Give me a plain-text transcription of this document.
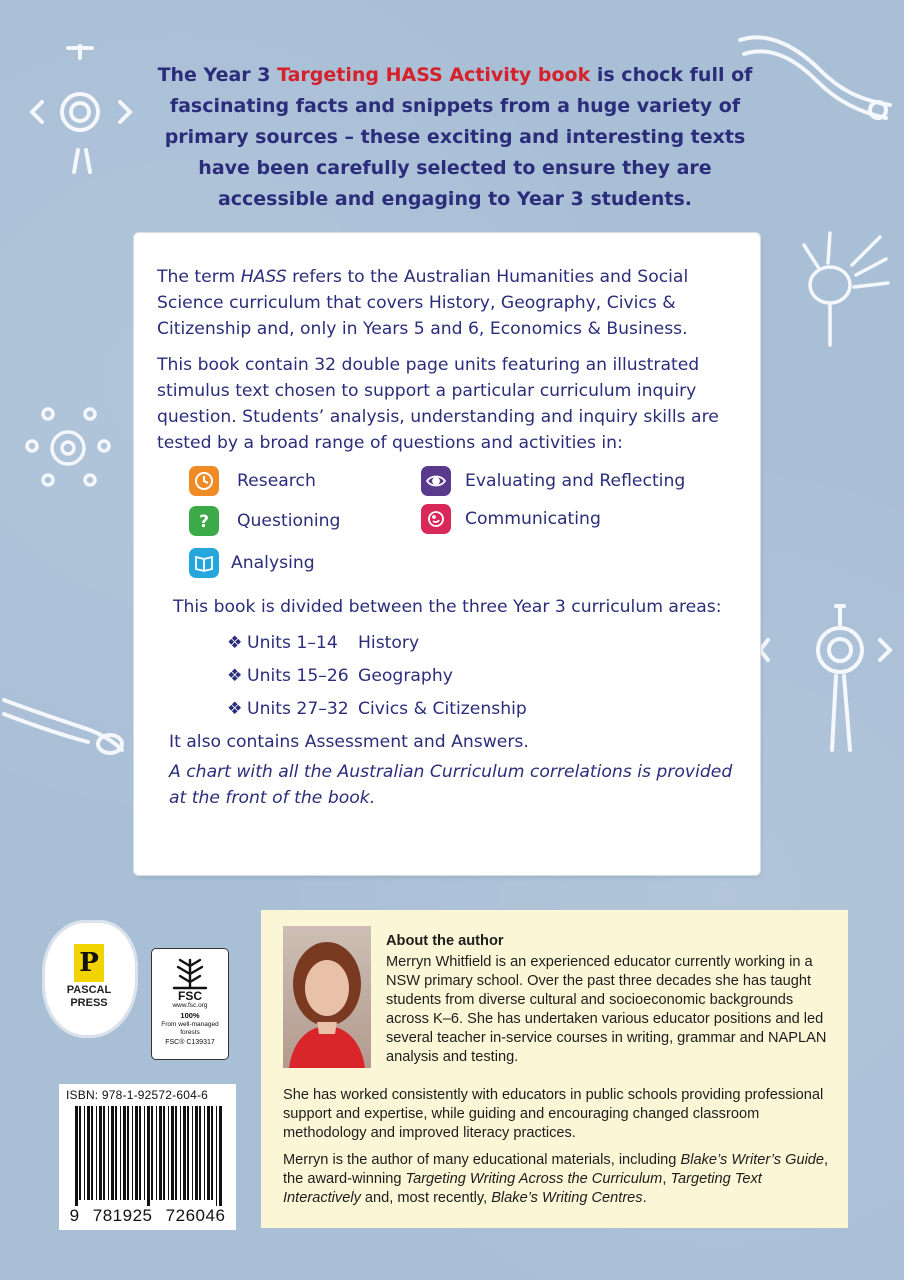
The Year 3 Targeting HASS Activity book is chock full of fascinating facts and snippets from a huge variety of primary sources – these exciting and interesting texts have been carefully selected to ensure they are accessible and engaging to Year 3 students.

The term HASS refers to the Australian Humanities and Social Science curriculum that covers History, Geography, Civics & Citizenship and, only in Years 5 and 6, Economics & Business.

This book contain 32 double page units featuring an illustrated stimulus text chosen to support a particular curriculum inquiry question. Students’ analysis, understanding and inquiry skills are tested by a broad range of questions and activities in:

Research
? Questioning
Analysing
Evaluating and Reflecting
Communicating
This book is divided between the three Year 3 curriculum areas:
❖ Units 1–14	History
❖ Units 15–26 Geography
❖ Units 27–32 Civics & Citizenship

It also contains Assessment and Answers.

A chart with all the Australian Curriculum correlations is provided at the front of the book.

P
PASCAL
PRESS	FSC
www.fsc.org
100%
From well-managed forests
FSC® C139317
ISBN: 978-1-92572-604-6
9 781925 726046
About the author
Merryn Whitfield is an experienced educator currently working in a NSW primary school. Over the past three decades she has taught students from diverse cultural and socioeconomic backgrounds across K–6. She has undertaken various educator positions and led several teacher in-service courses in writing, grammar and NAPLAN analysis and testing.

She has worked consistently with educators in public schools providing professional support and expertise, while guiding and encouraging changed classroom methodology and improved literacy practices.

Merryn is the author of many educational materials, including Blake’s Writer’s Guide, the award-winning Targeting Writing Across the Curriculum, Targeting Text Interactively and, most recently, Blake’s Writing Centres.
